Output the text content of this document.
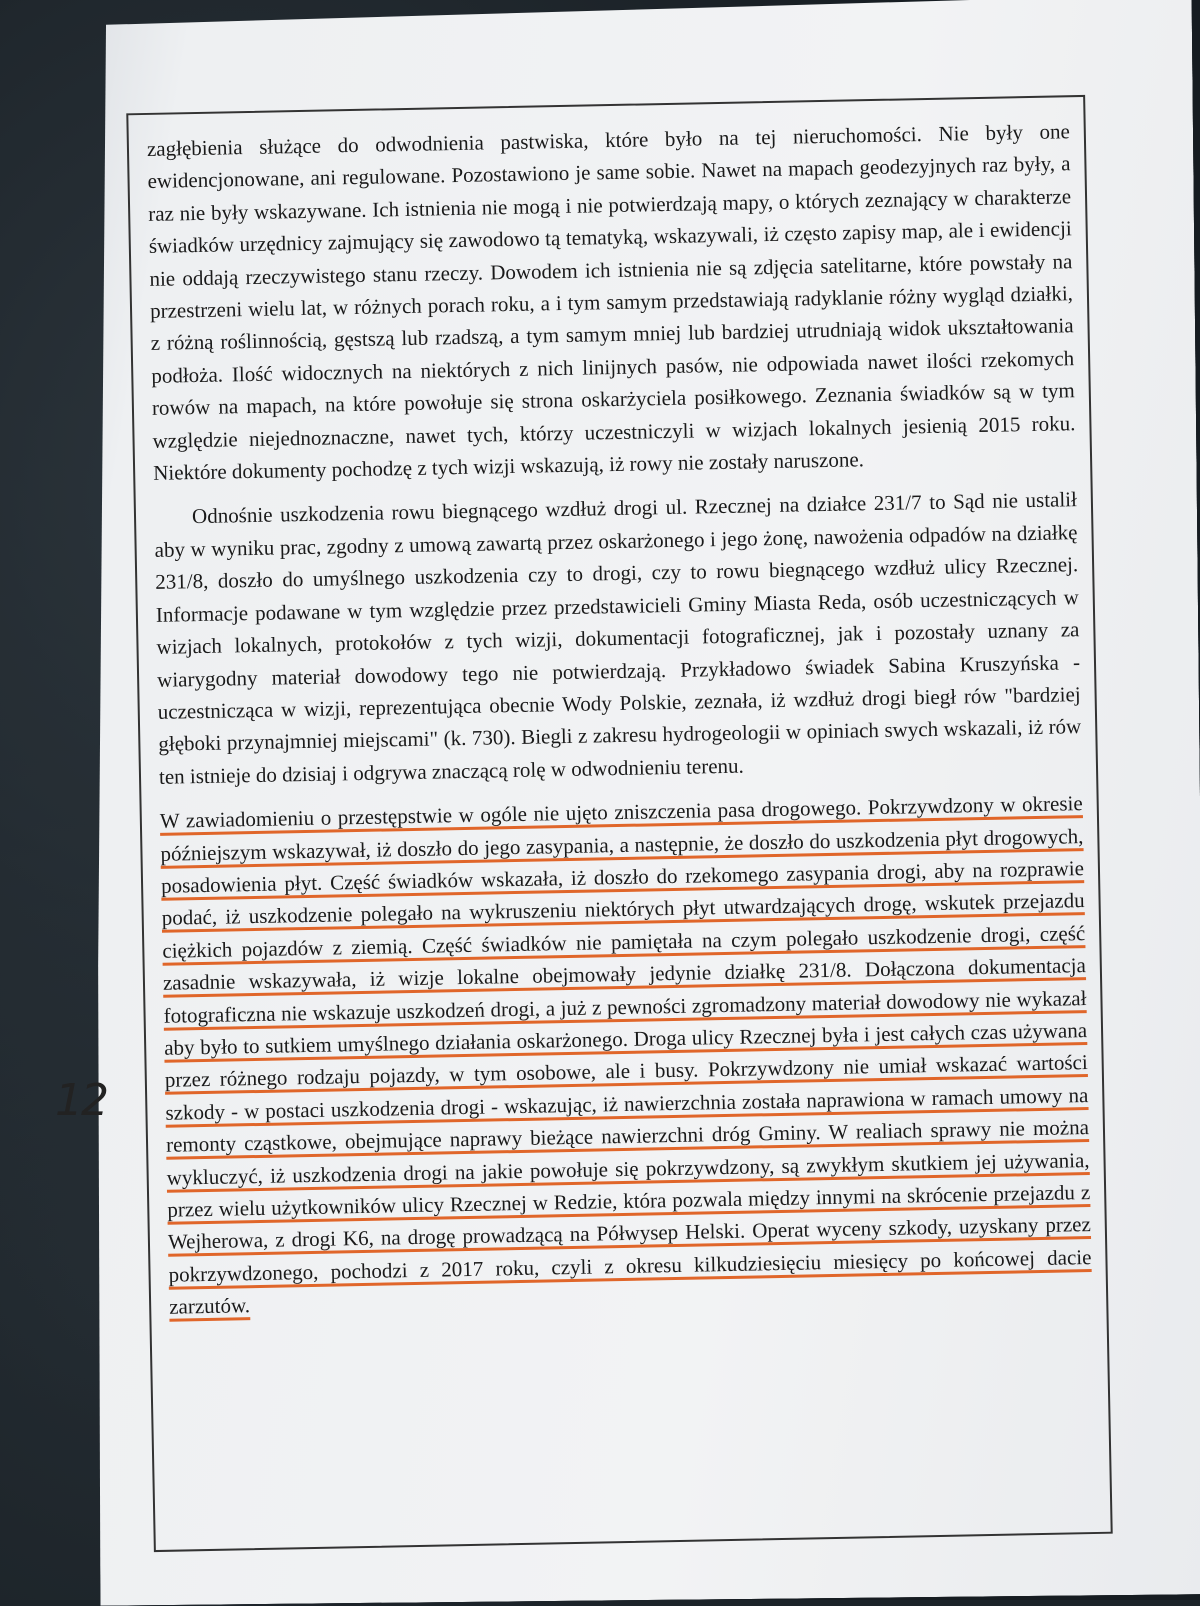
12

zagłębienia służące do odwodnienia pastwiska, które było na tej nieruchomości. Nie były one ewidencjonowane, ani regulowane. Pozostawiono je same sobie. Nawet na mapach geodezyjnych raz były, a raz nie były wskazywane. Ich istnienia nie mogą i nie potwierdzają mapy, o których zeznający w charakterze świadków urzędnicy zajmujący się zawodowo tą tematyką, wskazywali, iż często zapisy map, ale i ewidencji nie oddają rzeczywistego stanu rzeczy. Dowodem ich istnienia nie są zdjęcia satelitarne, które powstały na przestrzeni wielu lat, w różnych porach roku, a i tym samym przedstawiają radyklanie różny wygląd działki, z różną roślinnością, gęstszą lub rzadszą, a tym samym mniej lub bardziej utrudniają widok ukształtowania podłoża. Ilość widocznych na niektórych z nich linijnych pasów, nie odpowiada nawet ilości rzekomych rowów na mapach, na które powołuje się strona oskarżyciela posiłkowego. Zeznania świadków są w tym względzie niejednoznaczne, nawet tych, którzy uczestniczyli w wizjach lokalnych jesienią 2015 roku. Niektóre dokumenty pochodzę z tych wizji wskazują, iż rowy nie zostały naruszone.

Odnośnie uszkodzenia rowu biegnącego wzdłuż drogi ul. Rzecznej na działce 231/7 to Sąd nie ustalił aby w wyniku prac, zgodny z umową zawartą przez oskarżonego i jego żonę, nawożenia odpadów na działkę 231/8, doszło do umyślnego uszkodzenia czy to drogi, czy to rowu biegnącego wzdłuż ulicy Rzecznej. Informacje podawane w tym względzie przez przedstawicieli Gminy Miasta Reda, osób uczestniczących w wizjach lokalnych, protokołów z tych wizji, dokumentacji fotograficznej, jak i pozostały uznany za wiarygodny materiał dowodowy tego nie potwierdzają. Przykładowo świadek Sabina Kruszyńska - uczestnicząca w wizji, reprezentująca obecnie Wody Polskie, zeznała, iż wzdłuż drogi biegł rów "bardziej głęboki przynajmniej miejscami" (k. 730). Biegli z zakresu hydrogeologii w opiniach swych wskazali, iż rów ten istnieje do dzisiaj i odgrywa znaczącą rolę w odwodnieniu terenu.

W zawiadomieniu o przestępstwie w ogóle nie ujęto zniszczenia pasa drogowego. Pokrzywdzony w okresie późniejszym wskazywał, iż doszło do jego zasypania, a następnie, że doszło do uszkodzenia płyt drogowych, posadowienia płyt. Część świadków wskazała, iż doszło do rzekomego zasypania drogi, aby na rozprawie podać, iż uszkodzenie polegało na wykruszeniu niektórych płyt utwardzających drogę, wskutek przejazdu ciężkich pojazdów z ziemią. Część świadków nie pamiętała na czym polegało uszkodzenie drogi, część zasadnie wskazywała, iż wizje lokalne obejmowały jedynie działkę 231/8. Dołączona dokumentacja fotograficzna nie wskazuje uszkodzeń drogi, a już z pewności zgromadzony materiał dowodowy nie wykazał aby było to sutkiem umyślnego działania oskarżonego. Droga ulicy Rzecznej była i jest całych czas używana przez różnego rodzaju pojazdy, w tym osobowe, ale i busy. Pokrzywdzony nie umiał wskazać wartości szkody - w postaci uszkodzenia drogi - wskazując, iż nawierzchnia została naprawiona w ramach umowy na remonty cząstkowe, obejmujące naprawy bieżące nawierzchni dróg Gminy. W realiach sprawy nie można wykluczyć, iż uszkodzenia drogi na jakie powołuje się pokrzywdzony, są zwykłym skutkiem jej używania, przez wielu użytkowników ulicy Rzecznej w Redzie, która pozwala między innymi na skrócenie przejazdu z Wejherowa, z drogi K6, na drogę prowadzącą na Półwysep Helski. Operat wyceny szkody, uzyskany przez pokrzywdzonego, pochodzi z 2017 roku, czyli z okresu kilkudziesięciu miesięcy po końcowej dacie zarzutów.
